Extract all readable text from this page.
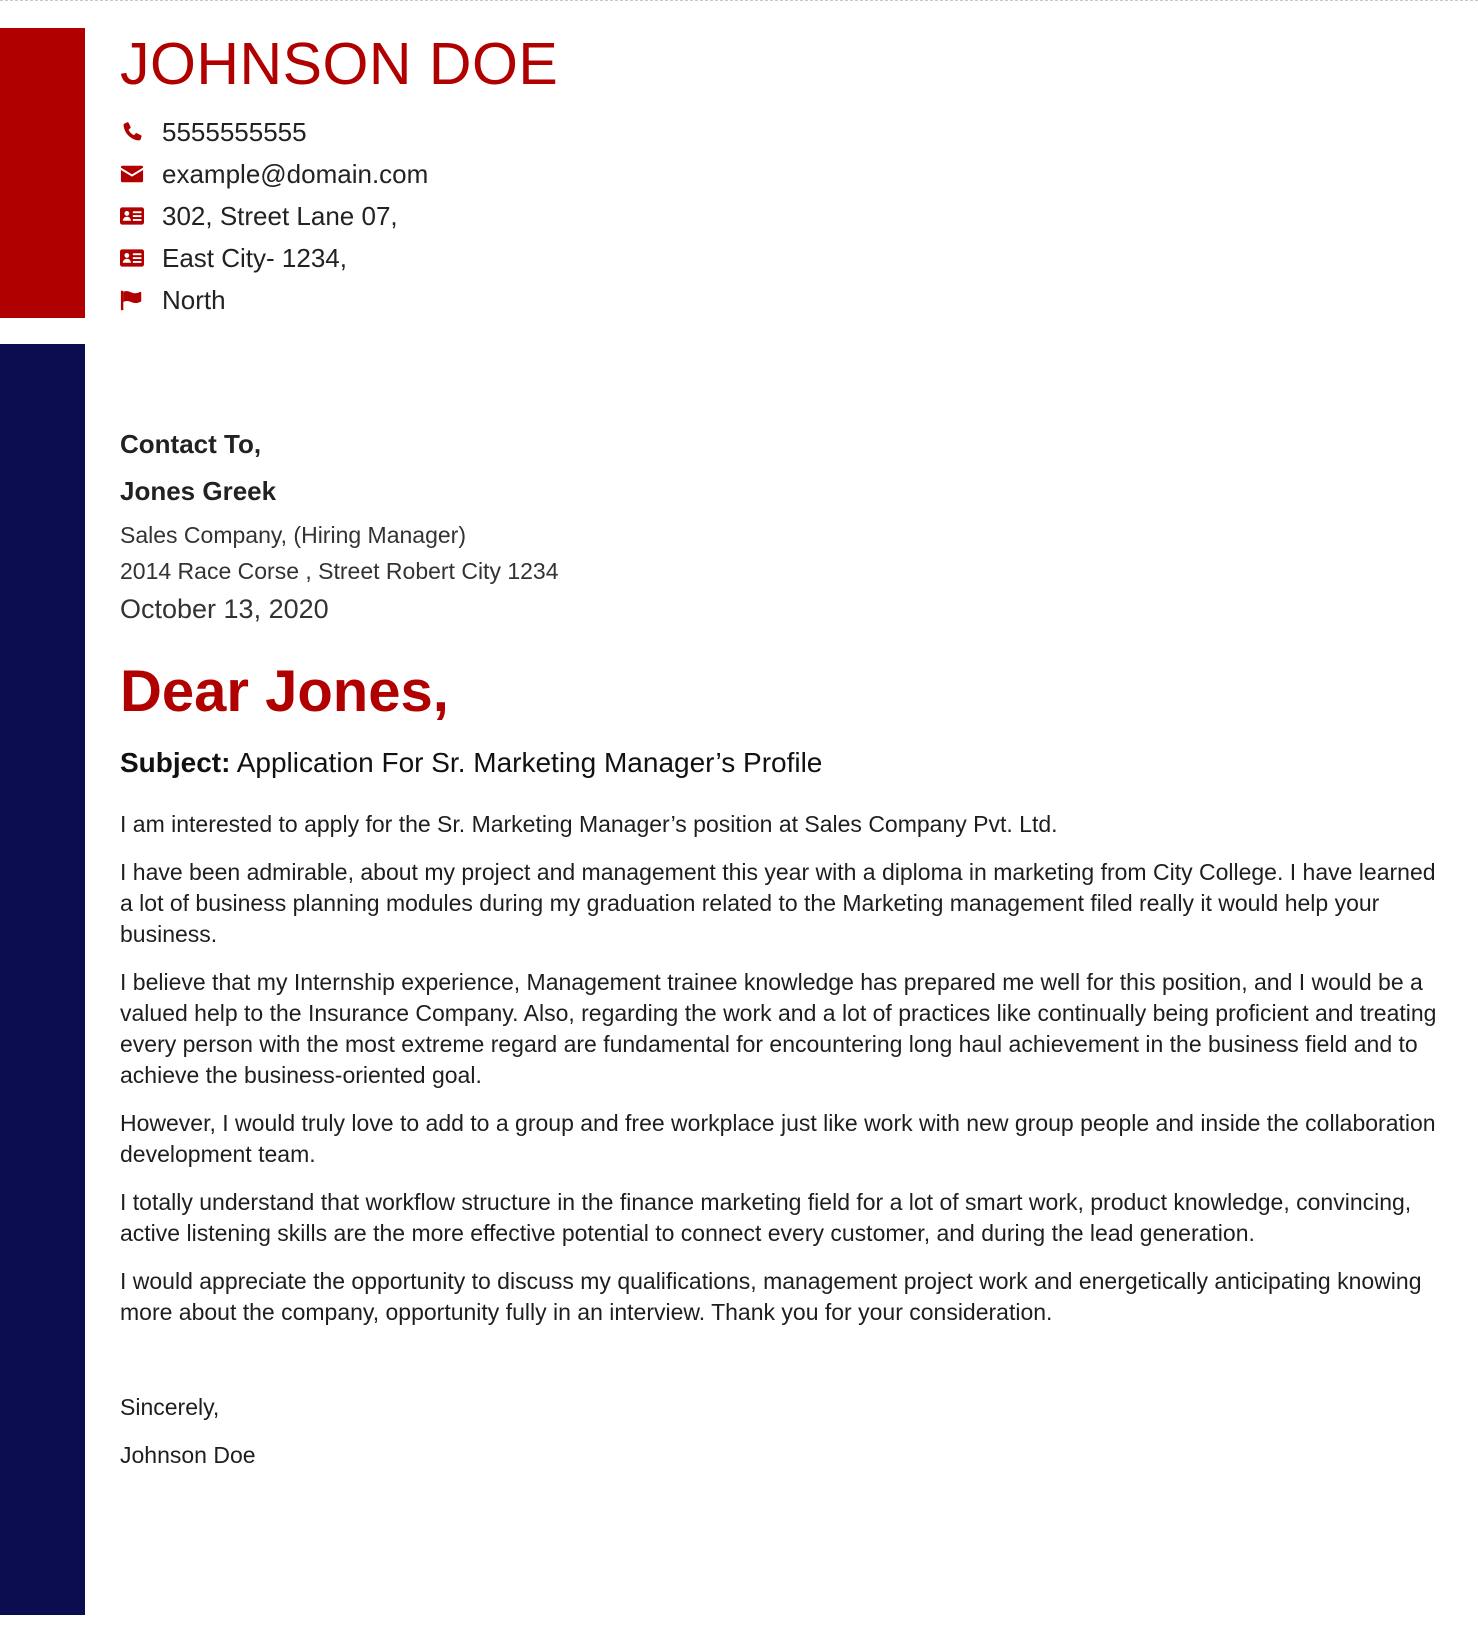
JOHNSON DOE
5555555555
example@domain.com
302, Street Lane 07,
East City- 1234,
North
Contact To,
Jones Greek
Sales Company, (Hiring Manager)
2014 Race Corse , Street Robert City 1234
October 13, 2020
Dear Jones,
Subject: Application For Sr. Marketing Manager’s Profile

I am interested to apply for the Sr. Marketing Manager’s position at Sales Company Pvt. Ltd.

I have been admirable, about my project and management this year with a diploma in marketing from City College. I have learned a lot of business planning modules during my graduation related to the Marketing management filed really it would help your business.

I believe that my Internship experience, Management trainee knowledge has prepared me well for this position, and I would be a valued help to the Insurance Company. Also, regarding the work and a lot of practices like continually being proficient and treating every person with the most extreme regard are fundamental for encountering long haul achievement in the business field and to achieve the business-oriented goal.

However, I would truly love to add to a group and free workplace just like work with new group people and inside the collaboration development team.

I totally understand that workflow structure in the finance marketing field for a lot of smart work, product knowledge, convincing, active listening skills are the more effective potential to connect every customer, and during the lead generation.

I would appreciate the opportunity to discuss my qualifications, management project work and energetically anticipating knowing more about the company, opportunity fully in an interview. Thank you for your consideration.

Sincerely,
Johnson Doe
